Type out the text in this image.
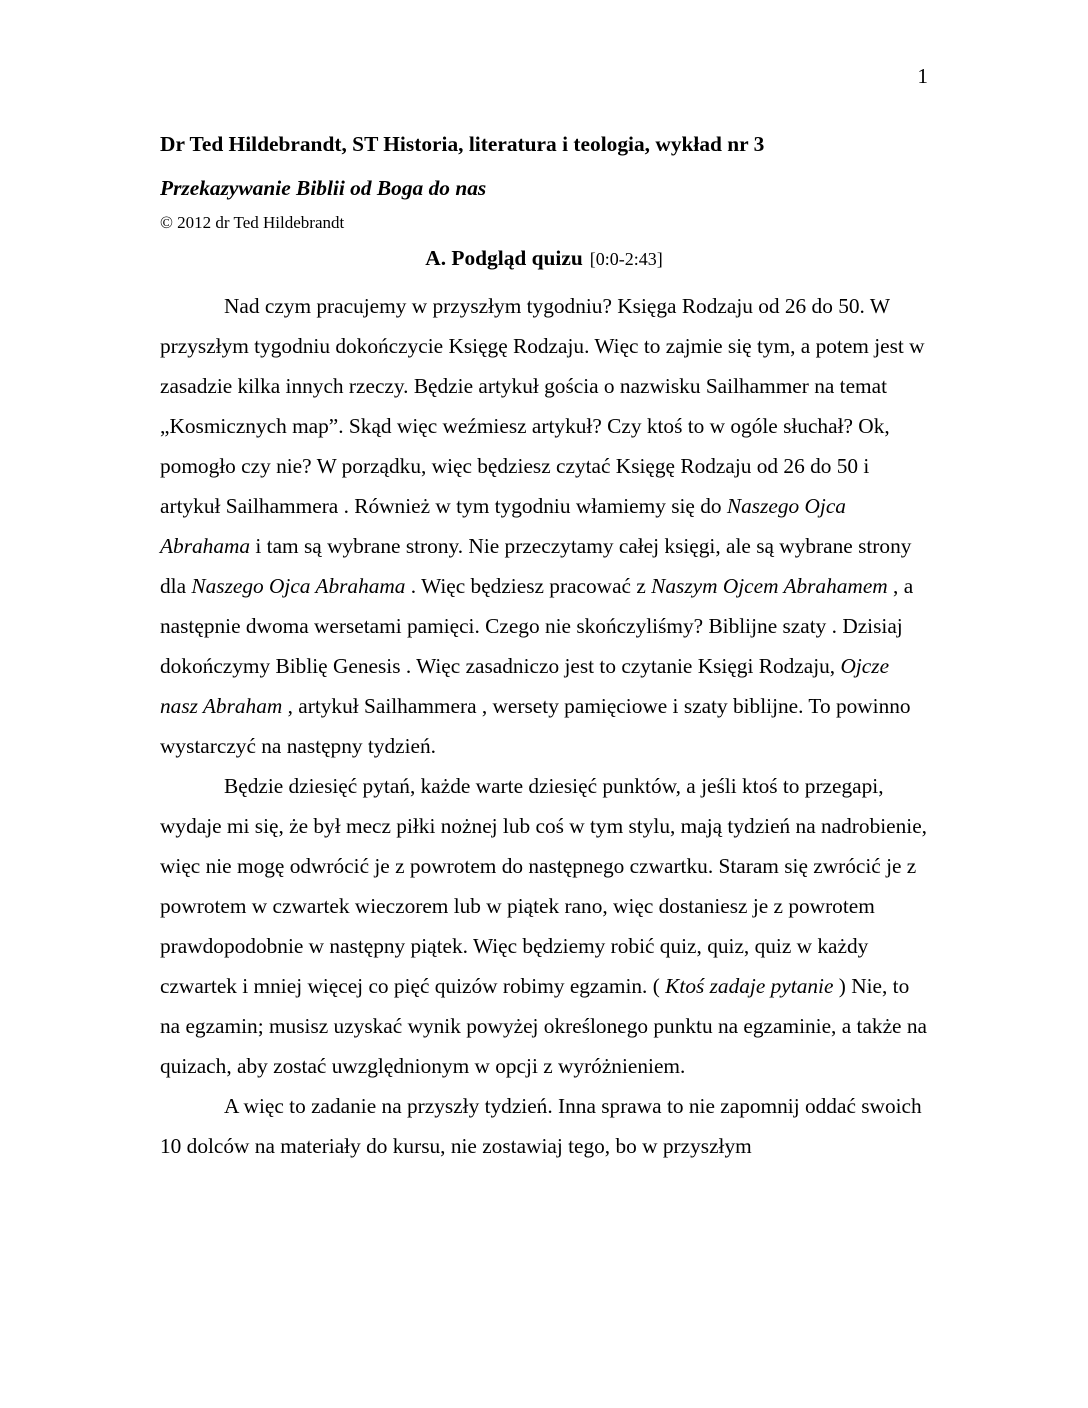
1
Dr Ted Hildebrandt, ST Historia, literatura i teologia, wykład nr 3
Przekazywanie Biblii od Boga do nas
© 2012 dr Ted Hildebrandt
A. Podgląd quizu [0:0-2:43]

Nad czym pracujemy w przyszłym tygodniu? Księga Rodzaju od 26 do 50. W przyszłym tygodniu dokończycie Księgę Rodzaju. Więc to zajmie się tym, a potem jest w zasadzie kilka innych rzeczy. Będzie artykuł gościa o nazwisku Sailhammer na temat „Kosmicznych map”. Skąd więc weźmiesz artykuł? Czy ktoś to w ogóle słuchał? Ok, pomogło czy nie? W porządku, więc będziesz czytać Księgę Rodzaju od 26 do 50 i artykuł Sailhammera . Również w tym tygodniu włamiemy się do Naszego Ojca Abrahama i tam są wybrane strony. Nie przeczytamy całej księgi, ale są wybrane strony dla Naszego Ojca Abrahama . Więc będziesz pracować z Naszym Ojcem Abrahamem , a następnie dwoma wersetami pamięci. Czego nie skończyliśmy? Biblijne szaty . Dzisiaj dokończymy Biblię Genesis . Więc zasadniczo jest to czytanie Księgi Rodzaju, Ojcze nasz Abraham , artykuł Sailhammera , wersety pamięciowe i szaty biblijne. To powinno wystarczyć na następny tydzień.

Będzie dziesięć pytań, każde warte dziesięć punktów, a jeśli ktoś to przegapi, wydaje mi się, że był mecz piłki nożnej lub coś w tym stylu, mają tydzień na nadrobienie, więc nie mogę odwrócić je z powrotem do następnego czwartku. Staram się zwrócić je z powrotem w czwartek wieczorem lub w piątek rano, więc dostaniesz je z powrotem prawdopodobnie w następny piątek. Więc będziemy robić quiz, quiz, quiz w każdy czwartek i mniej więcej co pięć quizów robimy egzamin. ( Ktoś zadaje pytanie ) Nie, to na egzamin; musisz uzyskać wynik powyżej określonego punktu na egzaminie, a także na quizach, aby zostać uwzględnionym w opcji z wyróżnieniem.

A więc to zadanie na przyszły tydzień. Inna sprawa to nie zapomnij oddać swoich 10 dolców na materiały do kursu, nie zostawiaj tego, bo w przyszłym
